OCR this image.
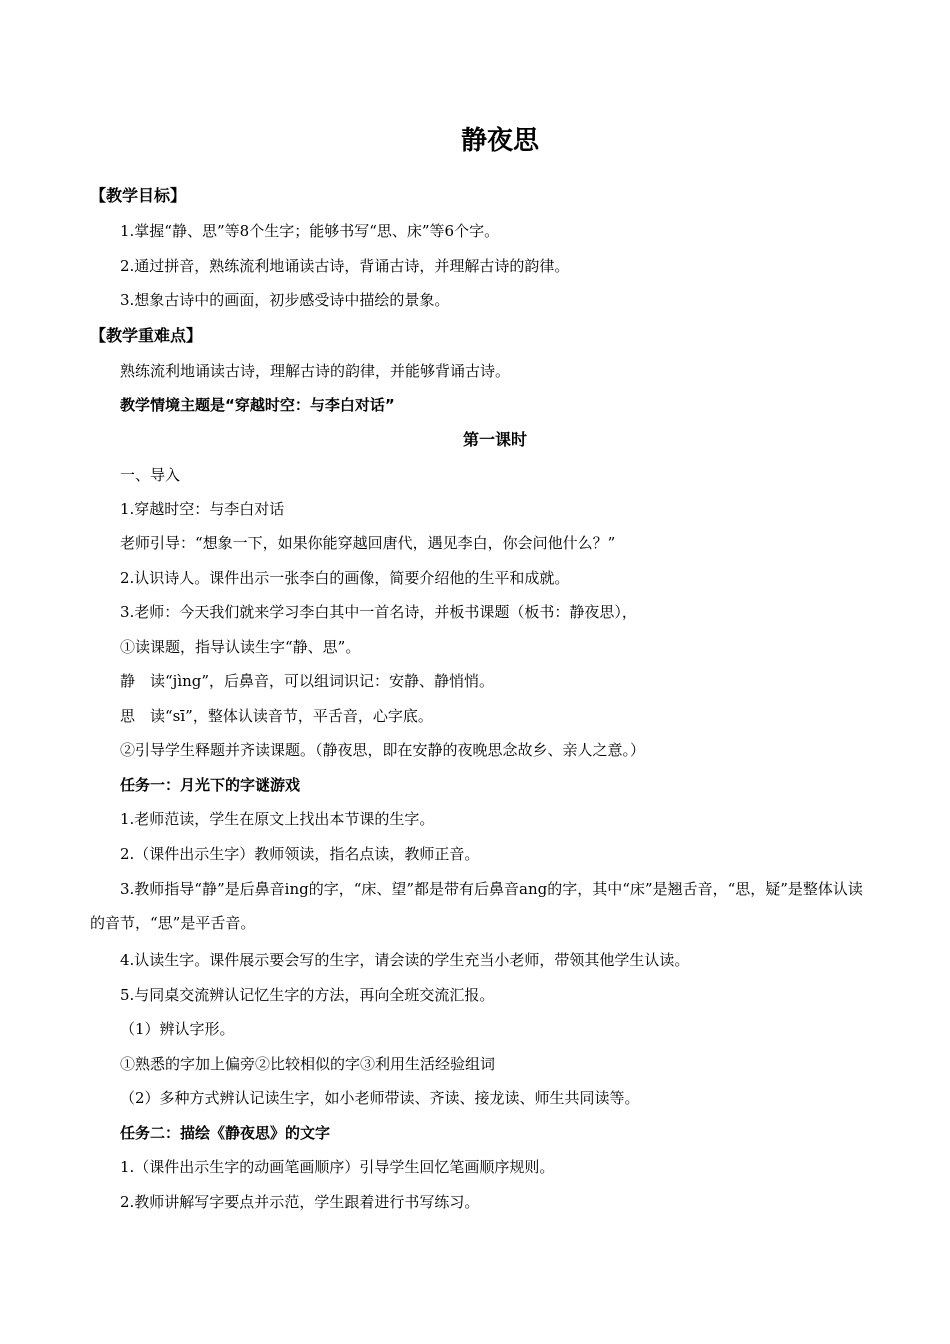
静夜思
【教学目标】
1.掌握“静、思”等8个生字；能够书写“思、床”等6个字。
2.通过拼音，熟练流利地诵读古诗，背诵古诗，并理解古诗的韵律。
3.想象古诗中的画面，初步感受诗中描绘的景象。
【教学重难点】
熟练流利地诵读古诗，理解古诗的韵律，并能够背诵古诗。
教学情境主题是“穿越时空：与李白对话”
第一课时
一、导入
1.穿越时空：与李白对话
老师引导：“想象一下，如果你能穿越回唐代，遇见李白，你会问他什么？”
2.认识诗人。课件出示一张李白的画像，简要介绍他的生平和成就。
3.老师：今天我们就来学习李白其中一首名诗，并板书课题（板书：静夜思），
①读课题，指导认读生字“静、思”。
静　读“jìng”，后鼻音，可以组词识记：安静、静悄悄。
思　读“sī”，整体认读音节，平舌音，心字底。
②引导学生释题并齐读课题。（静夜思，即在安静的夜晚思念故乡、亲人之意。）
任务一：月光下的字谜游戏
1.老师范读，学生在原文上找出本节课的生字。
2.（课件出示生字）教师领读，指名点读，教师正音。
3.教师指导“静”是后鼻音ing的字，“床、望”都是带有后鼻音ang的字，其中“床”是翘舌音，“思，疑”是整体认读的音节，“思”是平舌音。
4.认读生字。课件展示要会写的生字，请会读的学生充当小老师，带领其他学生认读。
5.与同桌交流辨认记忆生字的方法，再向全班交流汇报。
（1）辨认字形。
①熟悉的字加上偏旁②比较相似的字③利用生活经验组词
（2）多种方式辨认记读生字，如小老师带读、齐读、接龙读、师生共同读等。
任务二：描绘《静夜思》的文字
1.（课件出示生字的动画笔画顺序）引导学生回忆笔画顺序规则。
2.教师讲解写字要点并示范，学生跟着进行书写练习。
